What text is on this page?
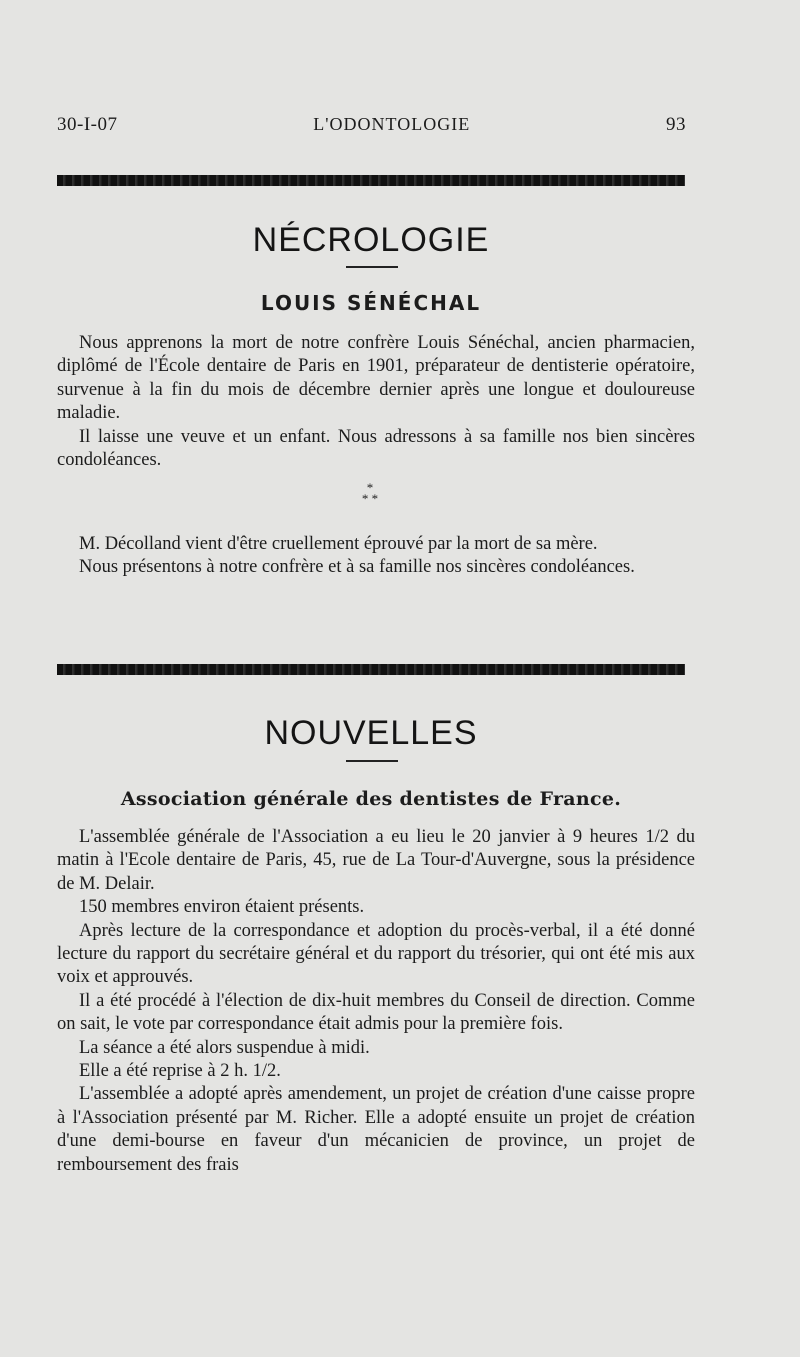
30-I-07	L'ODONTOLOGIE	93
NÉCROLOGIE
LOUIS SÉNÉCHAL

Nous apprenons la mort de notre confrère Louis Sénéchal, ancien pharmacien, diplômé de l'École dentaire de Paris en 1901, préparateur de dentisterie opératoire, survenue à la fin du mois de décembre dernier après une longue et douloureuse maladie.

Il laisse une veuve et un enfant. Nous adressons à sa famille nos bien sincères condoléances.

*
* *

M. Décolland vient d'être cruellement éprouvé par la mort de sa mère.

Nous présentons à notre confrère et à sa famille nos sincères condoléances.

NOUVELLES
Association générale des dentistes de France.

L'assemblée générale de l'Association a eu lieu le 20 janvier à 9 heures 1/2 du matin à l'Ecole dentaire de Paris, 45, rue de La Tour-d'Auvergne, sous la présidence de M. Delair.

150 membres environ étaient présents.

Après lecture de la correspondance et adoption du procès-verbal, il a été donné lecture du rapport du secrétaire général et du rapport du trésorier, qui ont été mis aux voix et approuvés.

Il a été procédé à l'élection de dix-huit membres du Conseil de direction. Comme on sait, le vote par correspondance était admis pour la première fois.

La séance a été alors suspendue à midi.

Elle a été reprise à 2 h. 1/2.

L'assemblée a adopté après amendement, un projet de création d'une caisse propre à l'Association présenté par M. Richer. Elle a adopté ensuite un projet de création d'une demi-bourse en faveur d'un mécanicien de province, un projet de remboursement des frais
